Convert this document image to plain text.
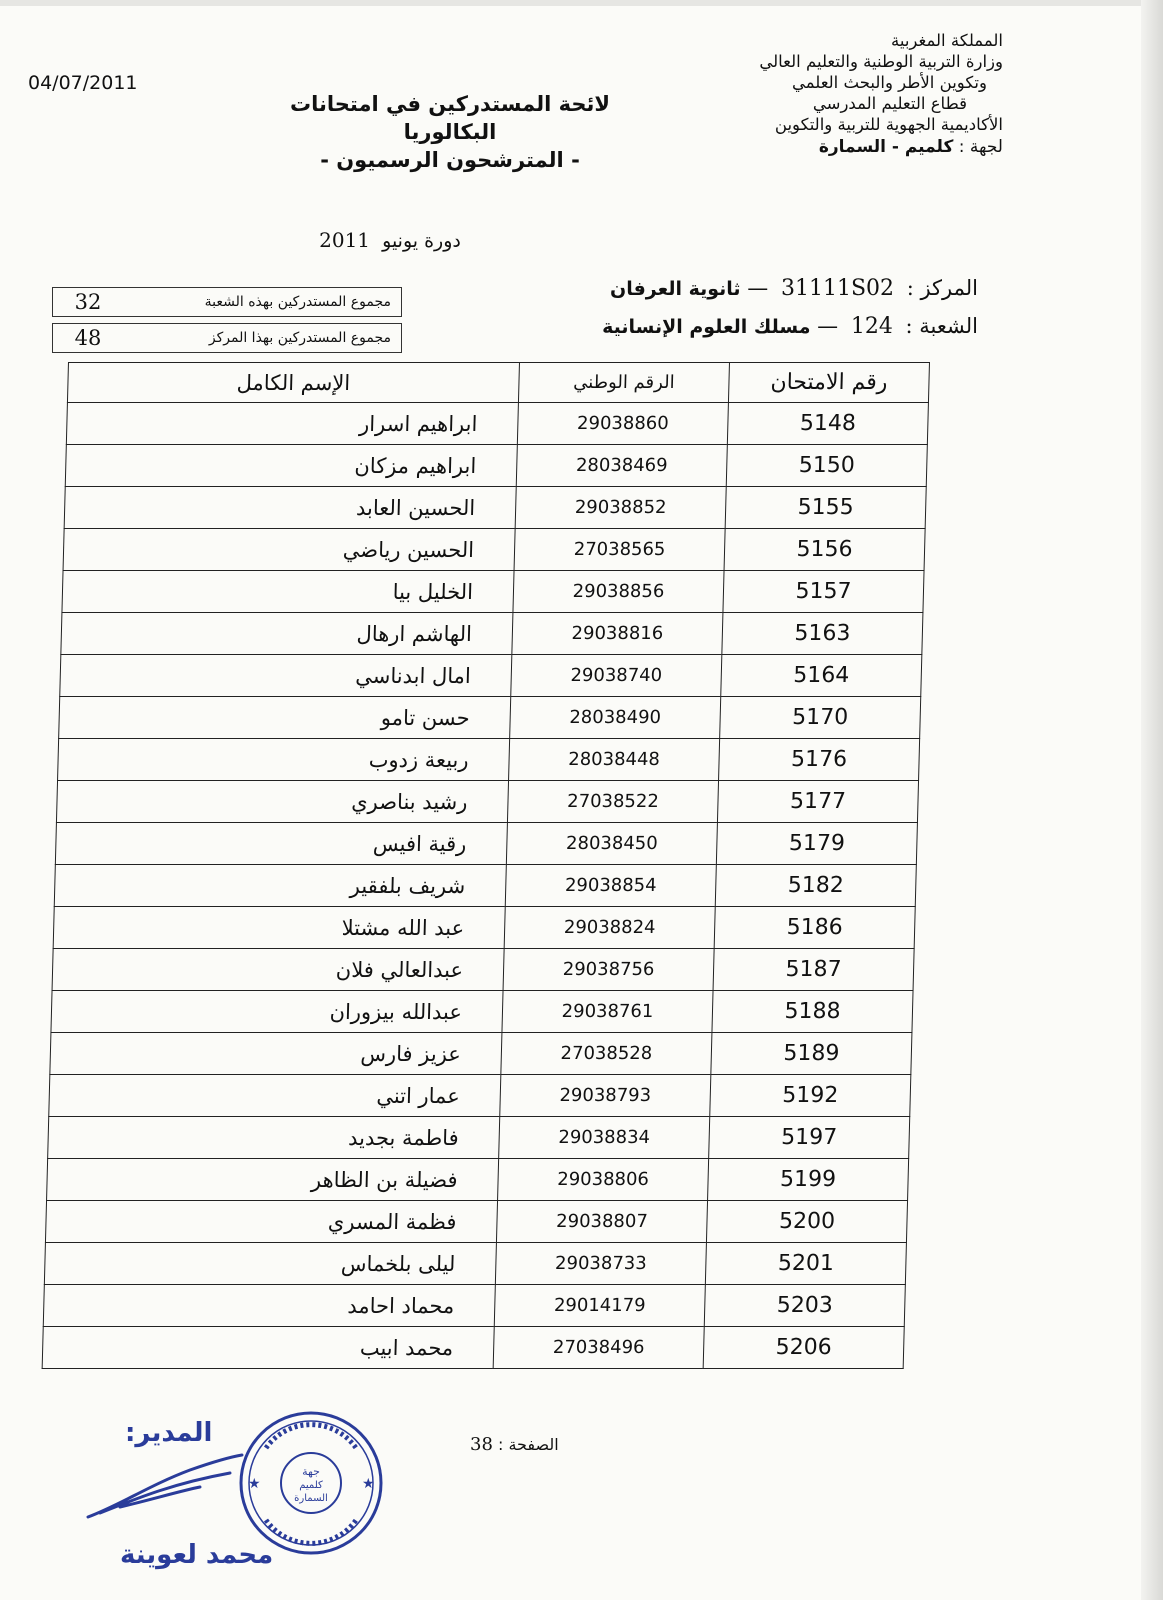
04/07/2011
المملكة المغربية
وزارة التربية الوطنية والتعليم العالي
وتكوين الأطر والبحث العلمي
قطاع التعليم المدرسي
الأكاديمية الجهوية للتربية والتكوين
لجهة : كلميم - السمارة
لائحة المستدركين في امتحانات البكالوريا
- المترشحون الرسميون -
دورة يونيو  2011
المركز : 31111S02 — ثانوية العرفان
الشعبة : 124 — مسلك العلوم الإنسانية
مجموع المستدركين بهذه الشعبة
32
مجموع المستدركين بهذا المركز
48
رقم الامتحان	الرقم الوطني	الإسم الكامل
5148	29038860	ابراهيم اسرار
5150	28038469	ابراهيم مزكان
5155	29038852	الحسين العابد
5156	27038565	الحسين رياضي
5157	29038856	الخليل بيا
5163	29038816	الهاشم ارهال
5164	29038740	امال ابدناسي
5170	28038490	حسن تامو
5176	28038448	ربيعة زدوب
5177	27038522	رشيد بناصري
5179	28038450	رقية افيس
5182	29038854	شريف بلفقير
5186	29038824	عبد الله مشتلا
5187	29038756	عبدالعالي فلان
5188	29038761	عبدالله بيزوران
5189	27038528	عزيز فارس
5192	29038793	عمار اتني
5197	29038834	فاطمة بجديد
5199	29038806	فضيلة بن الظاهر
5200	29038807	فظمة المسري
5201	29038733	ليلى بلخماس
5203	29014179	محماد احامد
5206	27038496	محمد ابيب
الصفحة : 38
المدير:
محمد لعوينة
جهة
كلميم
السمارة
★	★
